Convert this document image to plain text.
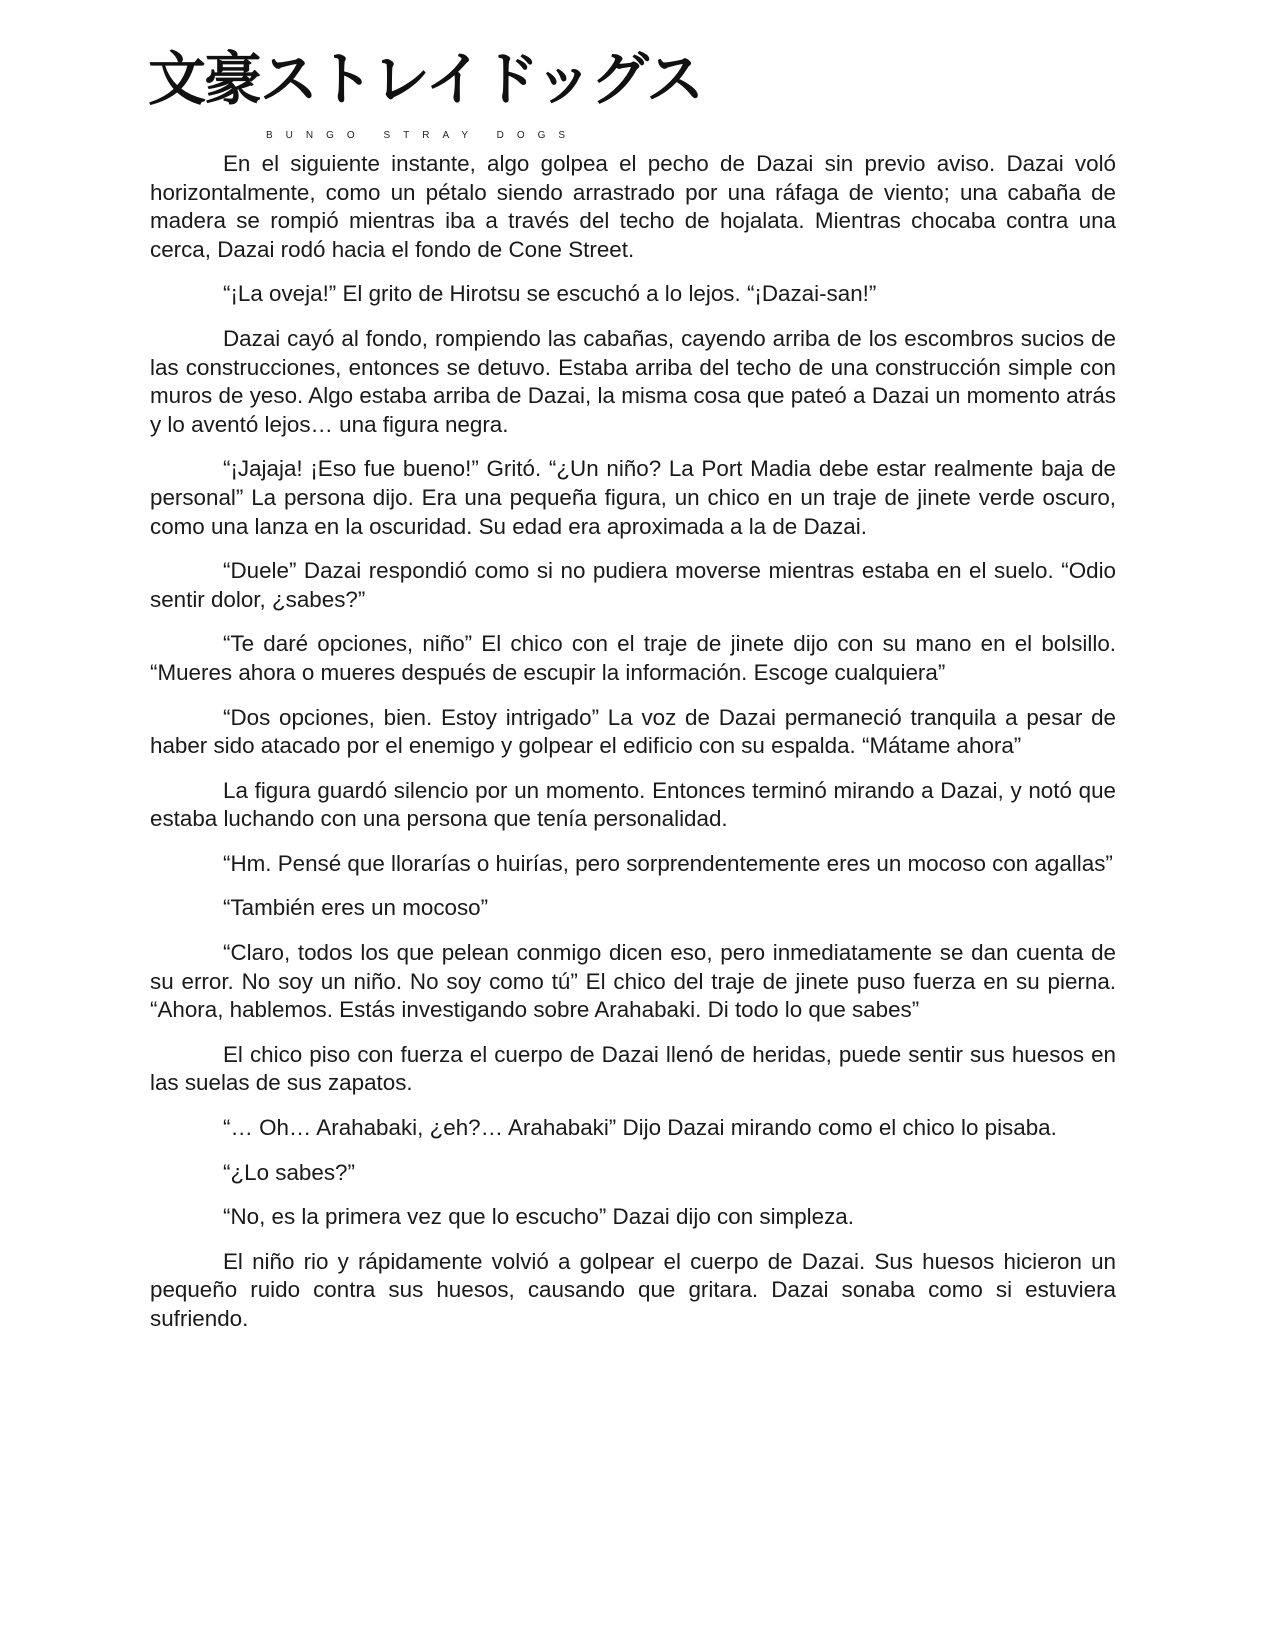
文豪ストレイドッグス
BUNGO STRAY DOGS

En el siguiente instante, algo golpea el pecho de Dazai sin previo aviso. Dazai voló horizontalmente, como un pétalo siendo arrastrado por una ráfaga de viento; una cabaña de madera se rompió mientras iba a través del techo de hojalata. Mientras chocaba contra una cerca, Dazai rodó hacia el fondo de Cone Street.

“¡La oveja!” El grito de Hirotsu se escuchó a lo lejos. “¡Dazai-san!”

Dazai cayó al fondo, rompiendo las cabañas, cayendo arriba de los escombros sucios de las construcciones, entonces se detuvo. Estaba arriba del techo de una construcción simple con muros de yeso. Algo estaba arriba de Dazai, la misma cosa que pateó a Dazai un momento atrás y lo aventó lejos… una figura negra.

“¡Jajaja! ¡Eso fue bueno!” Gritó. “¿Un niño? La Port Madia debe estar realmente baja de personal” La persona dijo. Era una pequeña figura, un chico en un traje de jinete verde oscuro, como una lanza en la oscuridad. Su edad era aproximada a la de Dazai.

“Duele” Dazai respondió como si no pudiera moverse mientras estaba en el suelo. “Odio sentir dolor, ¿sabes?”

“Te daré opciones, niño” El chico con el traje de jinete dijo con su mano en el bolsillo. “Mueres ahora o mueres después de escupir la información. Escoge cualquiera”

“Dos opciones, bien. Estoy intrigado” La voz de Dazai permaneció tranquila a pesar de haber sido atacado por el enemigo y golpear el edificio con su espalda. “Mátame ahora”

La figura guardó silencio por un momento. Entonces terminó mirando a Dazai, y notó que estaba luchando con una persona que tenía personalidad.

“Hm. Pensé que llorarías o huirías, pero sorprendentemente eres un mocoso con agallas”

“También eres un mocoso”

“Claro, todos los que pelean conmigo dicen eso, pero inmediatamente se dan cuenta de su error. No soy un niño. No soy como tú” El chico del traje de jinete puso fuerza en su pierna. “Ahora, hablemos. Estás investigando sobre Arahabaki. Di todo lo que sabes”

El chico piso con fuerza el cuerpo de Dazai llenó de heridas, puede sentir sus huesos en las suelas de sus zapatos.

“… Oh… Arahabaki, ¿eh?… Arahabaki” Dijo Dazai mirando como el chico lo pisaba.

“¿Lo sabes?”

“No, es la primera vez que lo escucho” Dazai dijo con simpleza.

El niño rio y rápidamente volvió a golpear el cuerpo de Dazai. Sus huesos hicieron un pequeño ruido contra sus huesos, causando que gritara. Dazai sonaba como si estuviera sufriendo.
